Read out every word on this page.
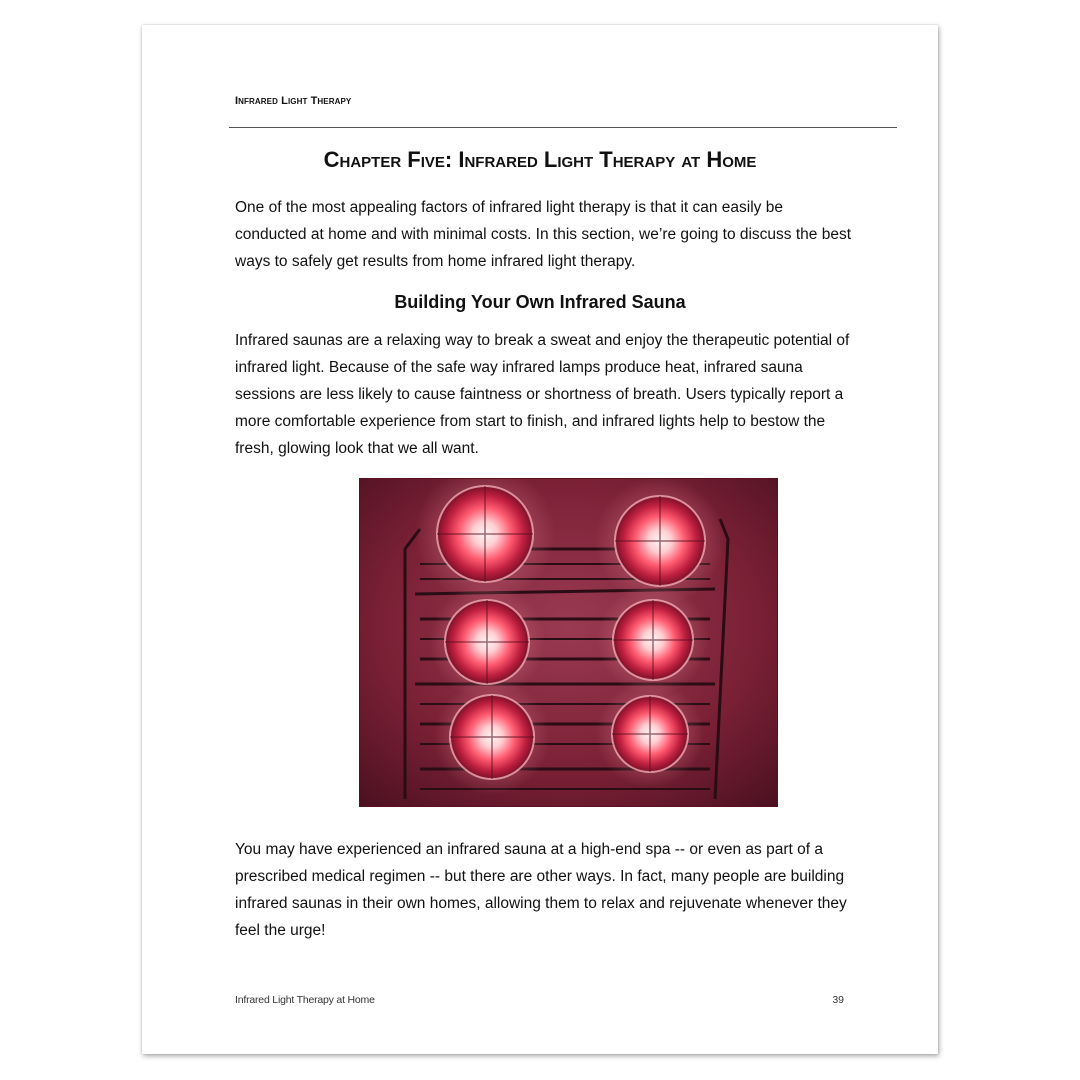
Infrared Light Therapy
Chapter Five: Infrared Light Therapy at Home

One of the most appealing factors of infrared light therapy is that it can easily be conducted at home and with minimal costs. In this section, we’re going to discuss the best ways to safely get results from home infrared light therapy.

Building Your Own Infrared Sauna

Infrared saunas are a relaxing way to break a sweat and enjoy the therapeutic potential of infrared light. Because of the safe way infrared lamps produce heat, infrared sauna sessions are less likely to cause faintness or shortness of breath. Users typically report a more comfortable experience from start to finish, and infrared lights help to bestow the fresh, glowing look that we all want.

You may have experienced an infrared sauna at a high-end spa -- or even as part of a prescribed medical regimen -- but there are other ways. In fact, many people are building infrared saunas in their own homes, allowing them to relax and rejuvenate whenever they feel the urge!

Infrared Light Therapy at Home	39
